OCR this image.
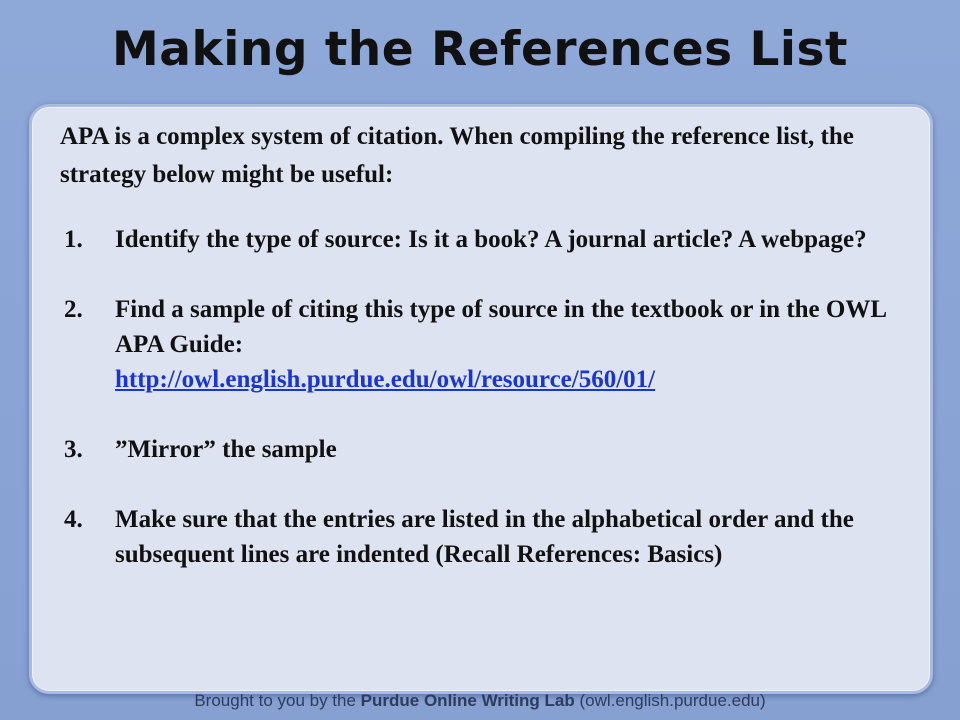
Making the References List
APA is a complex system of citation. When compiling the reference list, the strategy below might be useful:
1. Identify the type of source: Is it a book? A journal article? A webpage?
2. Find a sample of citing this type of source in the textbook or in the OWL APA Guide:
http://owl.english.purdue.edu/owl/resource/560/01/
3. ”Mirror” the sample
4. Make sure that the entries are listed in the alphabetical order and the subsequent lines are indented (Recall References: Basics)
Brought to you by the Purdue Online Writing Lab (owl.english.purdue.edu)
